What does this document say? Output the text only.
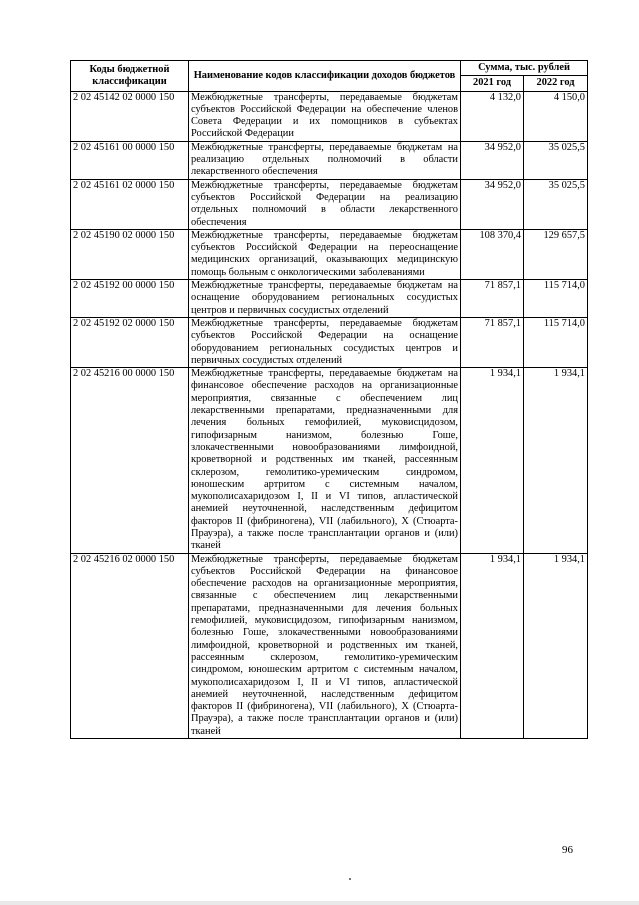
Коды бюджетной классификации	Наименование кодов классификации доходов бюджетов	Сумма, тыс. рублей	
		2021 год	2022 год
2 02 45142 02 0000 150	Межбюджетные трансферты, передаваемые бюджетам субъектов Российской Федерации на обеспечение членов Совета Федерации и их помощников в субъектах Российской Федерации	4 132,0	4 150,0
2 02 45161 00 0000 150	Межбюджетные трансферты, передаваемые бюджетам на реализацию отдельных полномочий в области лекарственного обеспечения	34 952,0	35 025,5
2 02 45161 02 0000 150	Межбюджетные трансферты, передаваемые бюджетам субъектов Российской Федерации на реализацию отдельных полномочий в области лекарственного обеспечения	34 952,0	35 025,5
2 02 45190 02 0000 150	Межбюджетные трансферты, передаваемые бюджетам субъектов Российской Федерации на переоснащение медицинских организаций, оказывающих медицинскую помощь больным с онкологическими заболеваниями	108 370,4	129 657,5
2 02 45192 00 0000 150	Межбюджетные трансферты, передаваемые бюджетам на оснащение оборудованием региональных сосудистых центров и первичных сосудистых отделений	71 857,1	115 714,0
2 02 45192 02 0000 150	Межбюджетные трансферты, передаваемые бюджетам субъектов Российской Федерации на оснащение оборудованием региональных сосудистых центров и первичных сосудистых отделений	71 857,1	115 714,0
2 02 45216 00 0000 150	Межбюджетные трансферты, передаваемые бюджетам на финансовое обеспечение расходов на организационные мероприятия, связанные с обеспечением лиц лекарственными препаратами, предназначенными для лечения больных гемофилией, муковисцидозом, гипофизарным нанизмом, болезнью Гоше, злокачественными новообразованиями лимфоидной, кроветворной и родственных им тканей, рассеянным склерозом, гемолитико-уремическим синдромом, юношеским артритом с системным началом, мукополисахаридозом I, II и VI типов, апластической анемией неуточненной, наследственным дефицитом факторов II (фибриногена), VII (лабильного), X (Стюарта-Прауэра), а также после трансплантации органов и (или) тканей	1 934,1	1 934,1
2 02 45216 02 0000 150	Межбюджетные трансферты, передаваемые бюджетам субъектов Российской Федерации на финансовое обеспечение расходов на организационные мероприятия, связанные с обеспечением лиц лекарственными препаратами, предназначенными для лечения больных гемофилией, муковисцидозом, гипофизарным нанизмом, болезнью Гоше, злокачественными новообразованиями лимфоидной, кроветворной и родственных им тканей, рассеянным склерозом, гемолитико-уремическим синдромом, юношеским артритом с системным началом, мукополисахаридозом I, II и VI типов, апластической анемией неуточненной, наследственным дефицитом факторов II (фибриногена), VII (лабильного), X (Стюарта-Прауэра), а также после трансплантации органов и (или) тканей	1 934,1	1 934,1
96
